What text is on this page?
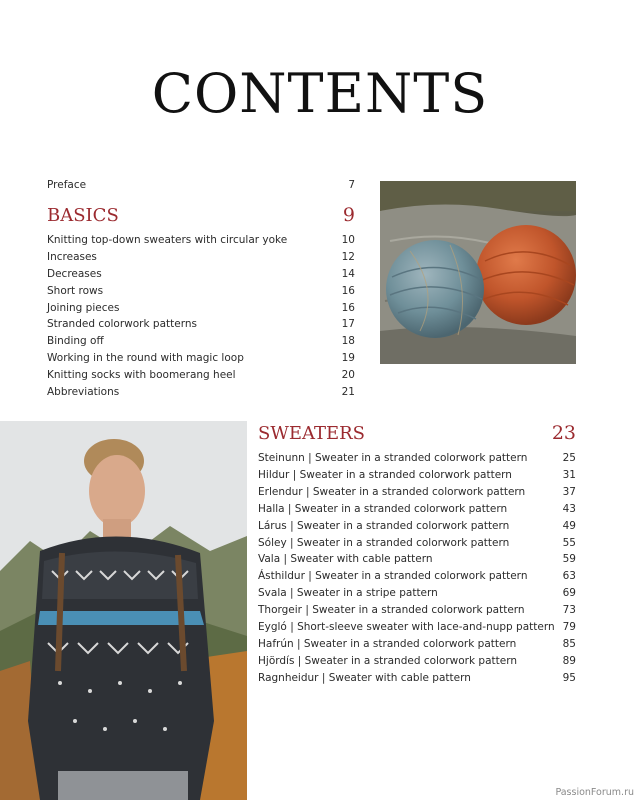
CONTENTS
Preface	7
BASICS	9
Knitting top-down sweaters with circular yoke	10
Increases	12
Decreases	14
Short rows	16
Joining pieces	16
Stranded colorwork patterns	17
Binding off	18
Working in the round with magic loop	19
Knitting socks with boomerang heel	20
Abbreviations	21
SWEATERS	23
Steinunn | Sweater in a stranded colorwork pattern	25
Hildur | Sweater in a stranded colorwork pattern	31
Erlendur | Sweater in a stranded colorwork pattern	37
Halla | Sweater in a stranded colorwork pattern	43
Lárus | Sweater in a stranded colorwork pattern	49
Sóley | Sweater in a stranded colorwork pattern	55
Vala | Sweater with cable pattern	59
Ásthildur | Sweater in a stranded colorwork pattern	63
Svala | Sweater in a stripe pattern	69
Thorgeir | Sweater in a stranded colorwork pattern	73
Eygló | Short-sleeve sweater with lace-and-nupp pattern 79
Hafrún | Sweater in a stranded colorwork pattern	85
Hjördís | Sweater in a stranded colorwork pattern	89
Ragnheidur | Sweater with cable pattern	95
PassionForum.ru
